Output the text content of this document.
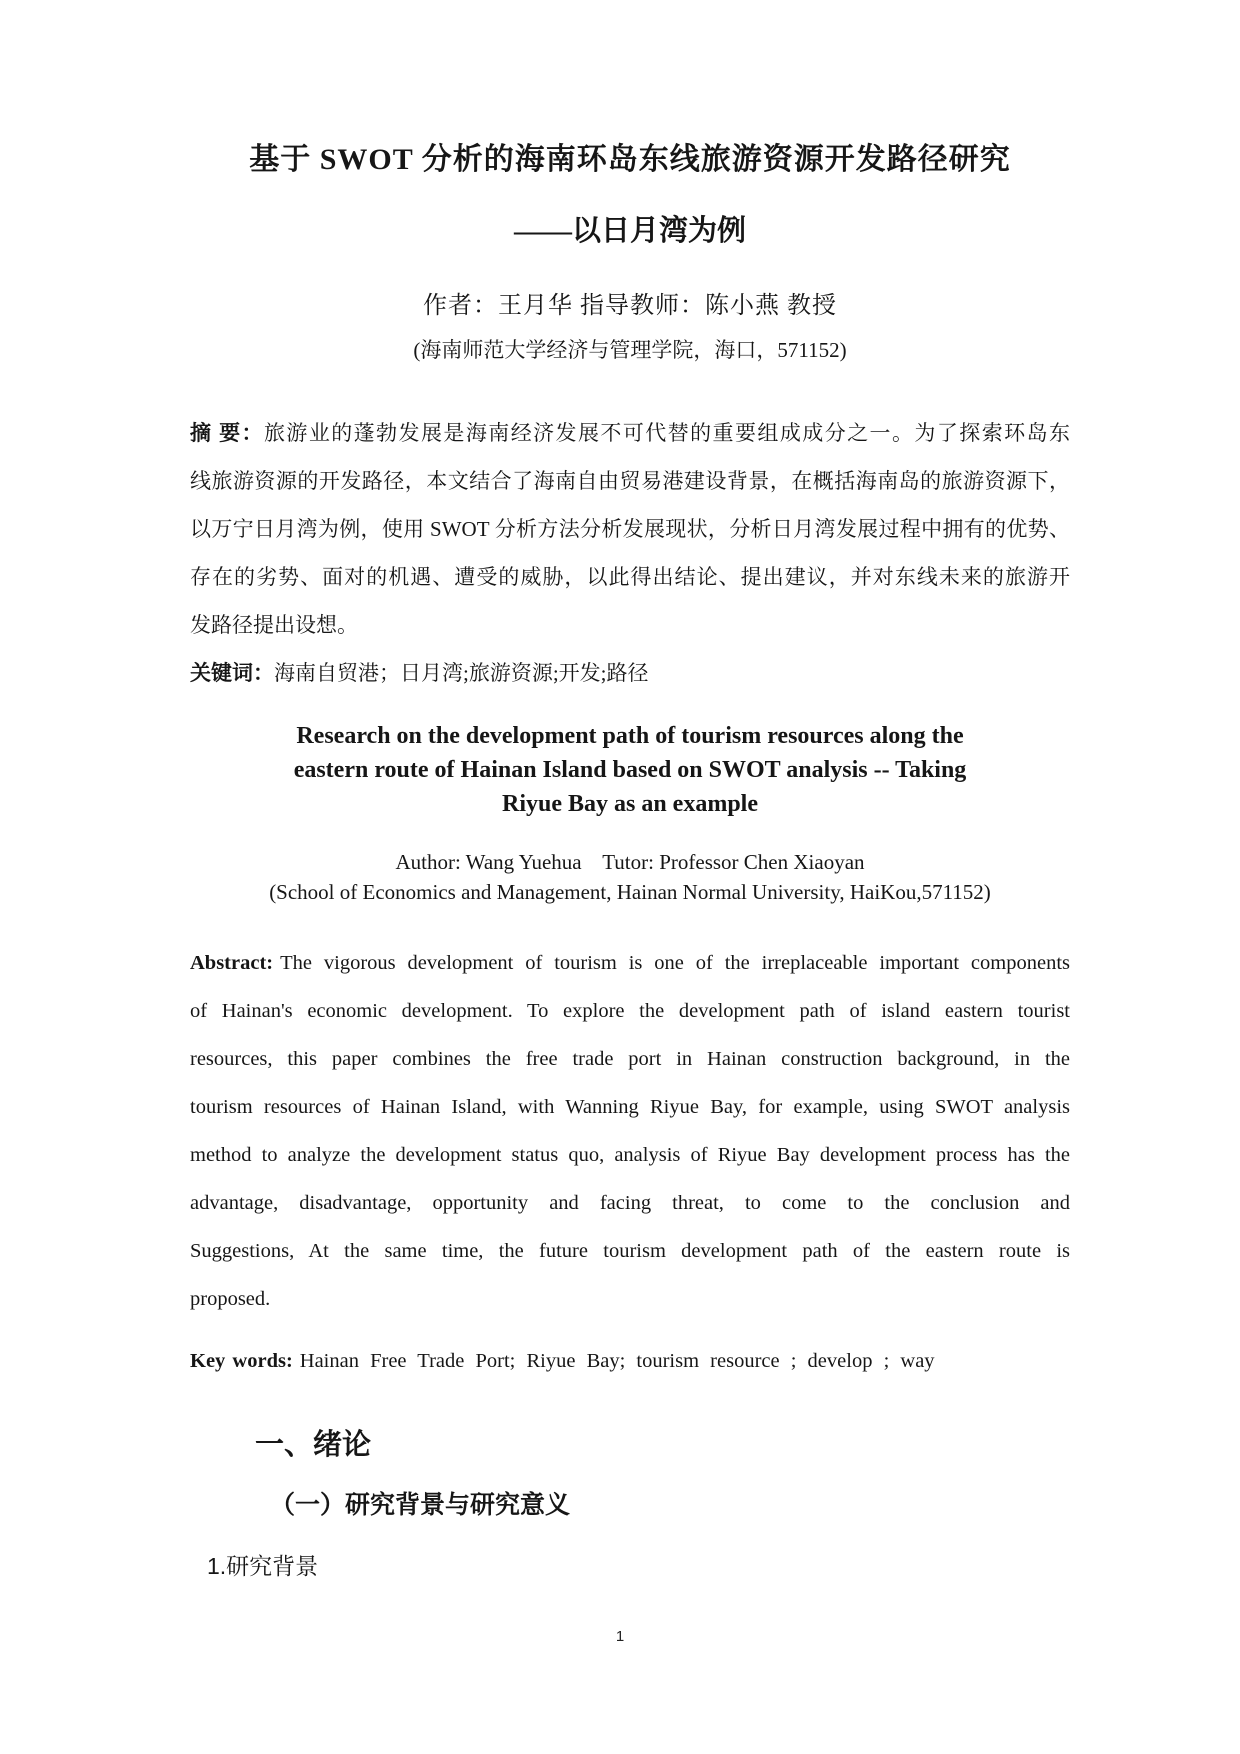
基于 SWOT 分析的海南环岛东线旅游资源开发路径研究
——以日月湾为例
作者：王月华 指导教师：陈小燕 教授
(海南师范大学经济与管理学院，海口，571152)
摘 要：旅游业的蓬勃发展是海南经济发展不可代替的重要组成成分之一。为了探索环岛东
线旅游资源的开发路径，本文结合了海南自由贸易港建设背景，在概括海南岛的旅游资源下，
以万宁日月湾为例，使用 SWOT 分析方法分析发展现状，分析日月湾发展过程中拥有的优势、
存在的劣势、面对的机遇、遭受的威胁，以此得出结论、提出建议，并对东线未来的旅游开
发路径提出设想。
关键词：海南自贸港；日月湾;旅游资源;开发;路径
Research on the development path of tourism resources along the
eastern route of Hainan Island based on SWOT analysis -- Taking
Riyue Bay as an example
Author: Wang Yuehua    Tutor: Professor Chen Xiaoyan
(School of Economics and Management, Hainan Normal University, HaiKou,571152)
Abstract: The vigorous development of tourism is one of the irreplaceable important components
of Hainan's economic development. To explore the development path of island eastern tourist
resources, this paper combines the free trade port in Hainan construction background, in the
tourism resources of Hainan Island, with Wanning Riyue Bay, for example, using SWOT analysis
method to analyze the development status quo, analysis of Riyue Bay development process has the
advantage, disadvantage, opportunity and facing threat, to come to the conclusion and
Suggestions, At the same time, the future tourism development path of the eastern route is
proposed.
Key words: Hainan Free Trade Port; Riyue Bay; tourism resource ; develop ; way
一、绪论
（一）研究背景与研究意义
1.研究背景
1
